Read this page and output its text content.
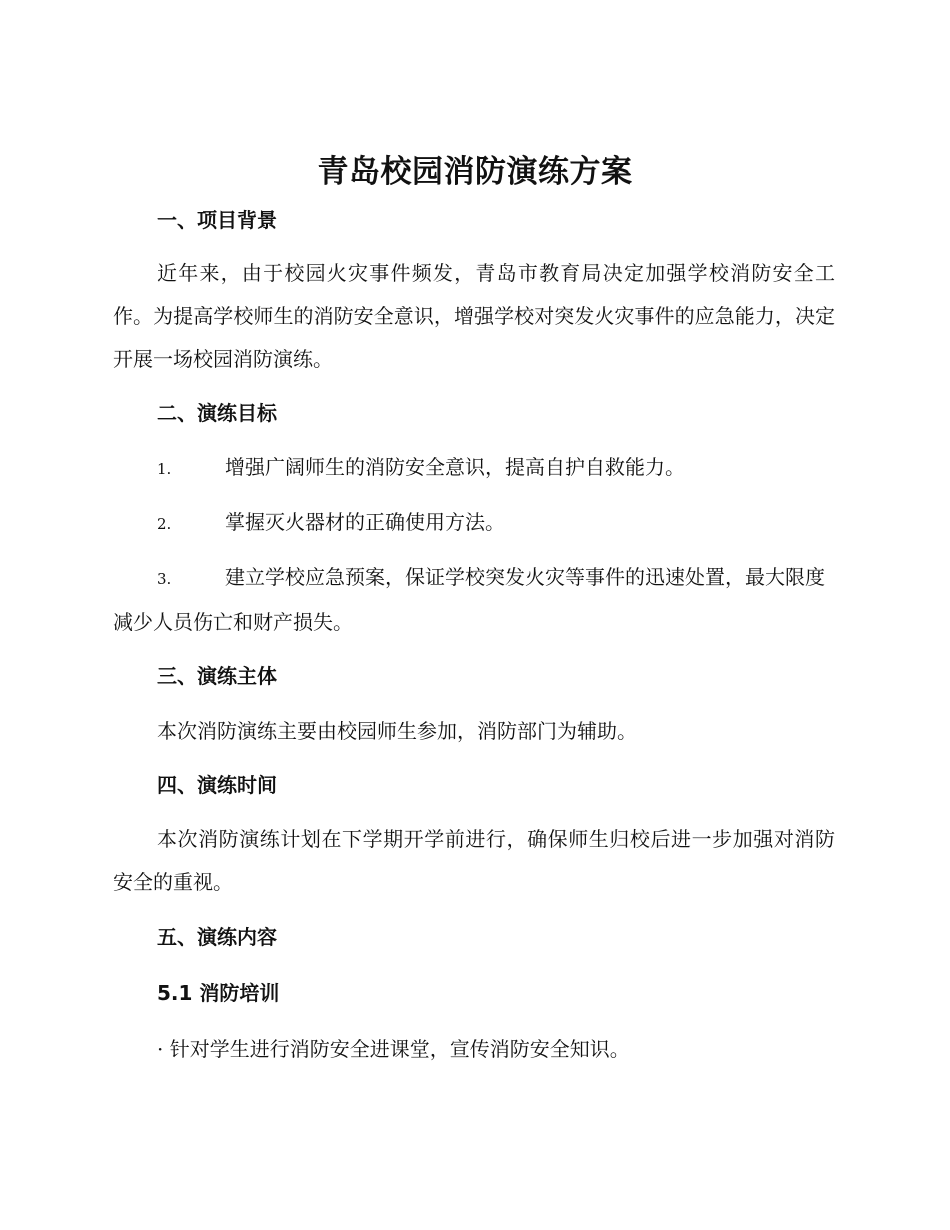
青岛校园消防演练方案
一、项目背景
近年来，由于校园火灾事件频发，青岛市教育局决定加强学校消防安全工作。为提高学校师生的消防安全意识，增强学校对突发火灾事件的应急能力，决定开展一场校园消防演练。
二、演练目标
1.	增强广阔师生的消防安全意识，提高自护自救能力。
2.	掌握灭火器材的正确使用方法。
3.	建立学校应急预案，保证学校突发火灾等事件的迅速处置，最大限度减少人员伤亡和财产损失。
三、演练主体
本次消防演练主要由校园师生参加，消防部门为辅助。
四、演练时间
本次消防演练计划在下学期开学前进行，确保师生归校后进一步加强对消防安全的重视。
五、演练内容
5.1 消防培训
· 针对学生进行消防安全进课堂，宣传消防安全知识。
